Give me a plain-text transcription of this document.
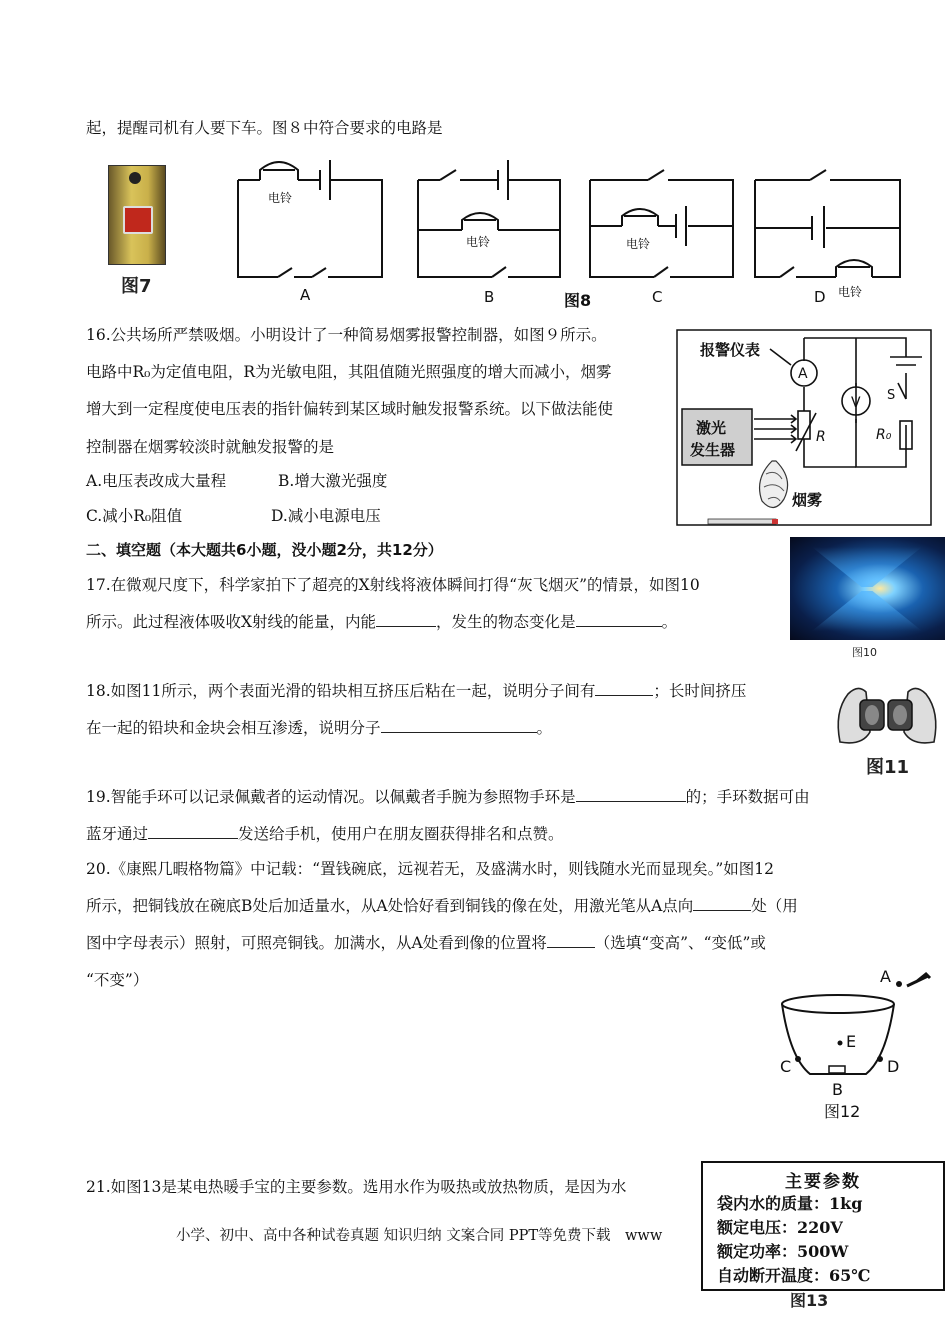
起，提醒司机有人要下车。图８中符合要求的电路是
图7
电铃
电铃	电铃
电铃
A	B	C	D
图8
16.公共场所严禁吸烟。小明设计了一种简易烟雾报警控制器，如图９所示。
电路中R₀为定值电阻，R为光敏电阻，其阻值随光照强度的增大而减小，烟雾
增大到一定程度使电压表的指针偏转到某区域时触发报警系统。以下做法能使
控制器在烟雾较淡时就触发报警的是
A.电压表改成大量程	B.增大激光强度
C.减小R₀阻值	D.减小电源电压
报警仪表
A
V S
激光
发生器
R	R₀
烟雾
二、填空题（本大题共6小题，没小题2分，共12分）
17.在微观尺度下，科学家拍下了超亮的X射线将液体瞬间打得“灰飞烟灭”的情景，如图10
所示。此过程液体吸收X射线的能量，内能	，发生的物态变化是	。
图10
18.如图11所示，两个表面光滑的铅块相互挤压后粘在一起，说明分子间有	；长时间挤压
在一起的铅块和金块会相互渗透，说明分子	。
图11
19.智能手环可以记录佩戴者的运动情况。以佩戴者手腕为参照物手环是	的；手环数据可由
蓝牙通过	发送给手机，使用户在朋友圈获得排名和点赞。
20.《康熙几暇格物篇》中记载：“置钱碗底，远视若无，及盛满水时，则钱随水光而显现矣。”如图12
所示，把铜钱放在碗底B处后加适量水，从A处恰好看到铜钱的像在处，用激光笔从A点向	处（用
图中字母表示）照射，可照亮铜钱。加满水，从A处看到像的位置将	（选填“变高”、“变低”或
“不变”）	A
E
C	D
B
图12
21.如图13是某电热暖手宝的主要参数。选用水作为吸热或放热物质，是因为水
小学、初中、高中各种试卷真题 知识归纳 文案合同 PPT等免费下载　www
主要参数
袋内水的质量：1kg
额定电压：220V
额定功率：500W
自动断开温度：65℃
图13
